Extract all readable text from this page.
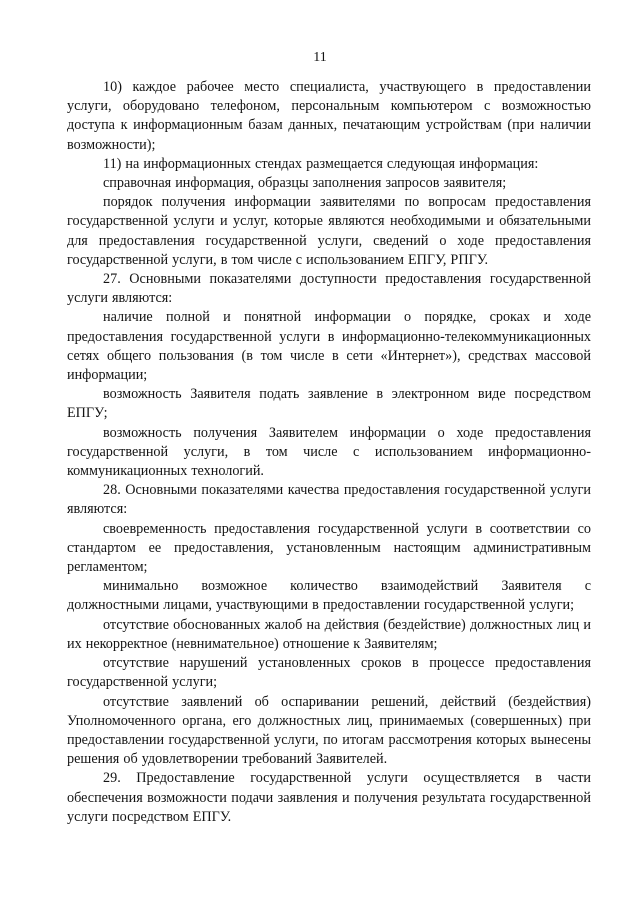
11

10) каждое рабочее место специалиста, участвующего в предоставлении услуги, оборудовано телефоном, персональным компьютером с возможностью доступа к информационным базам данных, печатающим устройствам (при наличии возможности);

11) на информационных стендах размещается следующая информация:

справочная информация, образцы заполнения запросов заявителя;

порядок получения информации заявителями по вопросам предоставления государственной услуги и услуг, которые являются необходимыми и обязательными для предоставления государственной услуги, сведений о ходе предоставления государственной услуги, в том числе с использованием ЕПГУ, РПГУ.

27. Основными показателями доступности предоставления государственной услуги являются:

наличие полной и понятной информации о порядке, сроках и ходе предоставления государственной услуги в информационно-телекоммуникационных сетях общего пользования (в том числе в сети «Интернет»), средствах массовой информации;

возможность Заявителя подать заявление в электронном виде посредством ЕПГУ;

возможность получения Заявителем информации о ходе предоставления государственной услуги, в том числе с использованием информационно-коммуникационных технологий.

28. Основными показателями качества предоставления государственной услуги являются:

своевременность предоставления государственной услуги в соответствии со стандартом ее предоставления, установленным настоящим административным регламентом;

минимально возможное количество взаимодействий Заявителя с должностными лицами, участвующими в предоставлении государственной услуги;

отсутствие обоснованных жалоб на действия (бездействие) должностных лиц и их некорректное (невнимательное) отношение к Заявителям;

отсутствие нарушений установленных сроков в процессе предоставления государственной услуги;

отсутствие заявлений об оспаривании решений, действий (бездействия) Уполномоченного органа, его должностных лиц, принимаемых (совершенных) при предоставлении государственной услуги, по итогам рассмотрения которых вынесены решения об удовлетворении требований Заявителей.

29. Предоставление государственной услуги осуществляется в части обеспечения возможности подачи заявления и получения результата государственной услуги посредством ЕПГУ.
